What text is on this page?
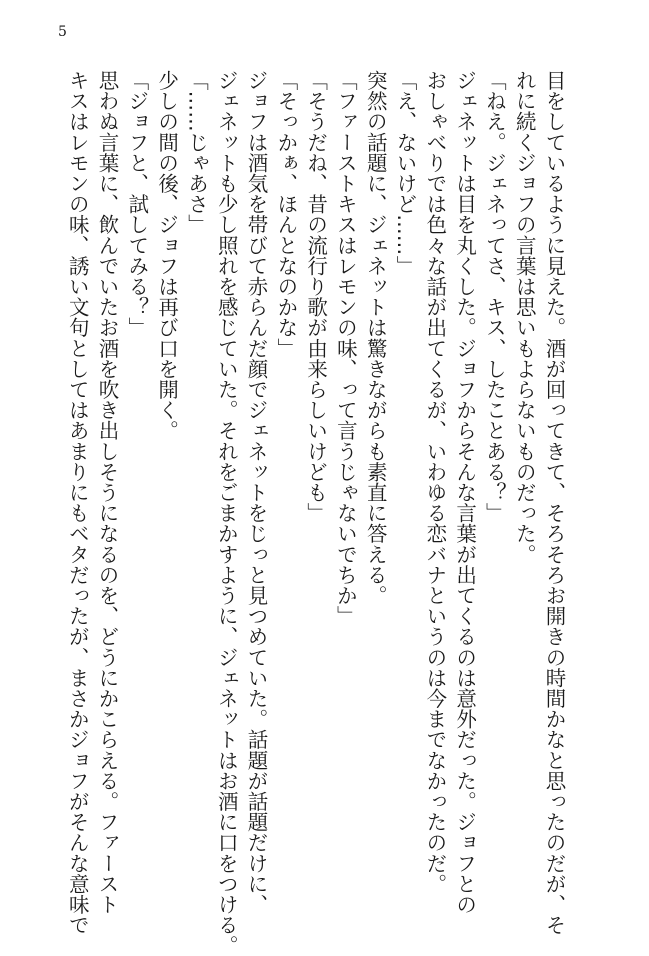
5
目をしているように見えた。酒が回ってきて、そろそろお開きの時間かなと思ったのだが、そ
れに続くジョフの言葉は思いもよらないものだった。
「ねえ。ジェネってさ、キス、したことある？」
ジェネットは目を丸くした。ジョフからそんな言葉が出てくるのは意外だった。ジョフとの
おしゃべりでは色々な話が出てくるが、いわゆる恋バナというのは今までなかったのだ。
「え、ないけど……」
突然の話題に、ジェネットは驚きながらも素直に答える。
「ファーストキスはレモンの味、って言うじゃないでちか」
「そうだね、昔の流行り歌が由来らしいけども」
「そっかぁ、ほんとなのかな」
ジョフは酒気を帯びて赤らんだ顔でジェネットをじっと見つめていた。話題が話題だけに、
ジェネットも少し照れを感じていた。それをごまかすように、ジェネットはお酒に口をつける。
「……じゃあさ」
少しの間の後、ジョフは再び口を開く。
「ジョフと、試してみる？」
思わぬ言葉に、飲んでいたお酒を吹き出しそうになるのを、どうにかこらえる。ファースト
キスはレモンの味、誘い文句としてはあまりにもベタだったが、まさかジョフがそんな意味で
